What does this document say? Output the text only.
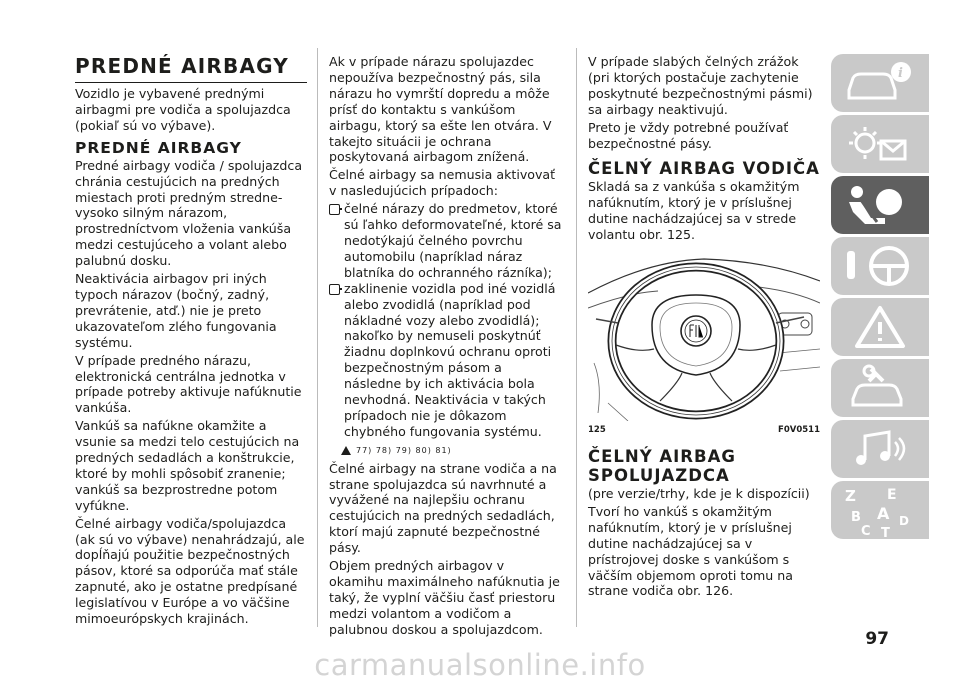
PREDNÉ AIRBAGY

Vozidlo je vybavené prednými airbagmi pre vodiča a spolujazdca (pokiaľ sú vo výbave).

PREDNÉ AIRBAGY

Predné airbagy vodiča / spolujazdca chránia cestujúcich na predných miestach proti predným stredne-vysoko silným nárazom, prostredníctvom vloženia vankúša medzi cestujúceho a volant alebo palubnú dosku.

Neaktivácia airbagov pri iných typoch nárazov (bočný, zadný, prevrátenie, atď.) nie je preto ukazovateľom zlého fungovania systému.

V prípade predného nárazu, elektronická centrálna jednotka v prípade potreby aktivuje nafúknutie vankúša.

Vankúš sa nafúkne okamžite a vsunie sa medzi telo cestujúcich na predných sedadlách a konštrukcie, ktoré by mohli spôsobiť zranenie; vankúš sa bezprostredne potom vyfúkne.

Čelné airbagy vodiča/spolujazdca (ak sú vo výbave) nenahrádzajú, ale dopĺňajú použitie bezpečnostných pásov, ktoré sa odporúča mať stále zapnuté, ako je ostatne predpísané legislatívou v Európe a vo väčšine mimoeurópskych krajinách.

Ak v prípade nárazu spolujazdec nepoužíva bezpečnostný pás, sila nárazu ho vymrští dopredu a môže prísť do kontaktu s vankúšom airbagu, ktorý sa ešte len otvára. V takejto situácii je ochrana poskytovaná airbagom znížená.

Čelné airbagy sa nemusia aktivovať v nasledujúcich prípadoch:

čelné nárazy do predmetov, ktoré sú ľahko deformovateľné, ktoré sa nedotýkajú čelného povrchu automobilu (napríklad náraz blatníka do ochranného rázníka);
zaklinenie vozidla pod iné vozidlá alebo zvodidlá (napríklad pod nákladné vozy alebo zvodidlá); nakoľko by nemuseli poskytnúť žiadnu doplnkovú ochranu oproti bezpečnostným pásom a následne by ich aktivácia bola nevhodná. Neaktivácia v takých prípadoch nie je dôkazom chybného fungovania systému.
77) 78) 79) 80) 81)

Čelné airbagy na strane vodiča a na strane spolujazdca sú navrhnuté a vyvážené na najlepšiu ochranu cestujúcich na predných sedadlách, ktorí majú zapnuté bezpečnostné pásy.

Objem predných airbagov v okamihu maximálneho nafúknutia je taký, že vyplní väčšiu časť priestoru medzi volantom a vodičom a palubnou doskou a spolujazdcom.

V prípade slabých čelných zrážok (pri ktorých postačuje zachytenie poskytnuté bezpečnostnými pásmi) sa airbagy neaktivujú.

Preto je vždy potrebné používať bezpečnostné pásy.

ČELNÝ AIRBAG VODIČA

Skladá sa z vankúša s okamžitým nafúknutím, ktorý je v príslušnej dutine nachádzajúcej sa v strede volantu obr. 125.

125	F0V0511
ČELNÝ AIRBAG SPOLUJAZDCA

(pre verzie/trhy, kde je k dispozícii)

Tvorí ho vankúš s okamžitým nafúknutím, ktorý je v príslušnej dutine nachádzajúcej sa v prístrojovej doske s vankúšom s väčším objemom oproti tomu na strane vodiča obr. 126.

i
Z E
B A
C
D
T
97
carmanualsonline.info
